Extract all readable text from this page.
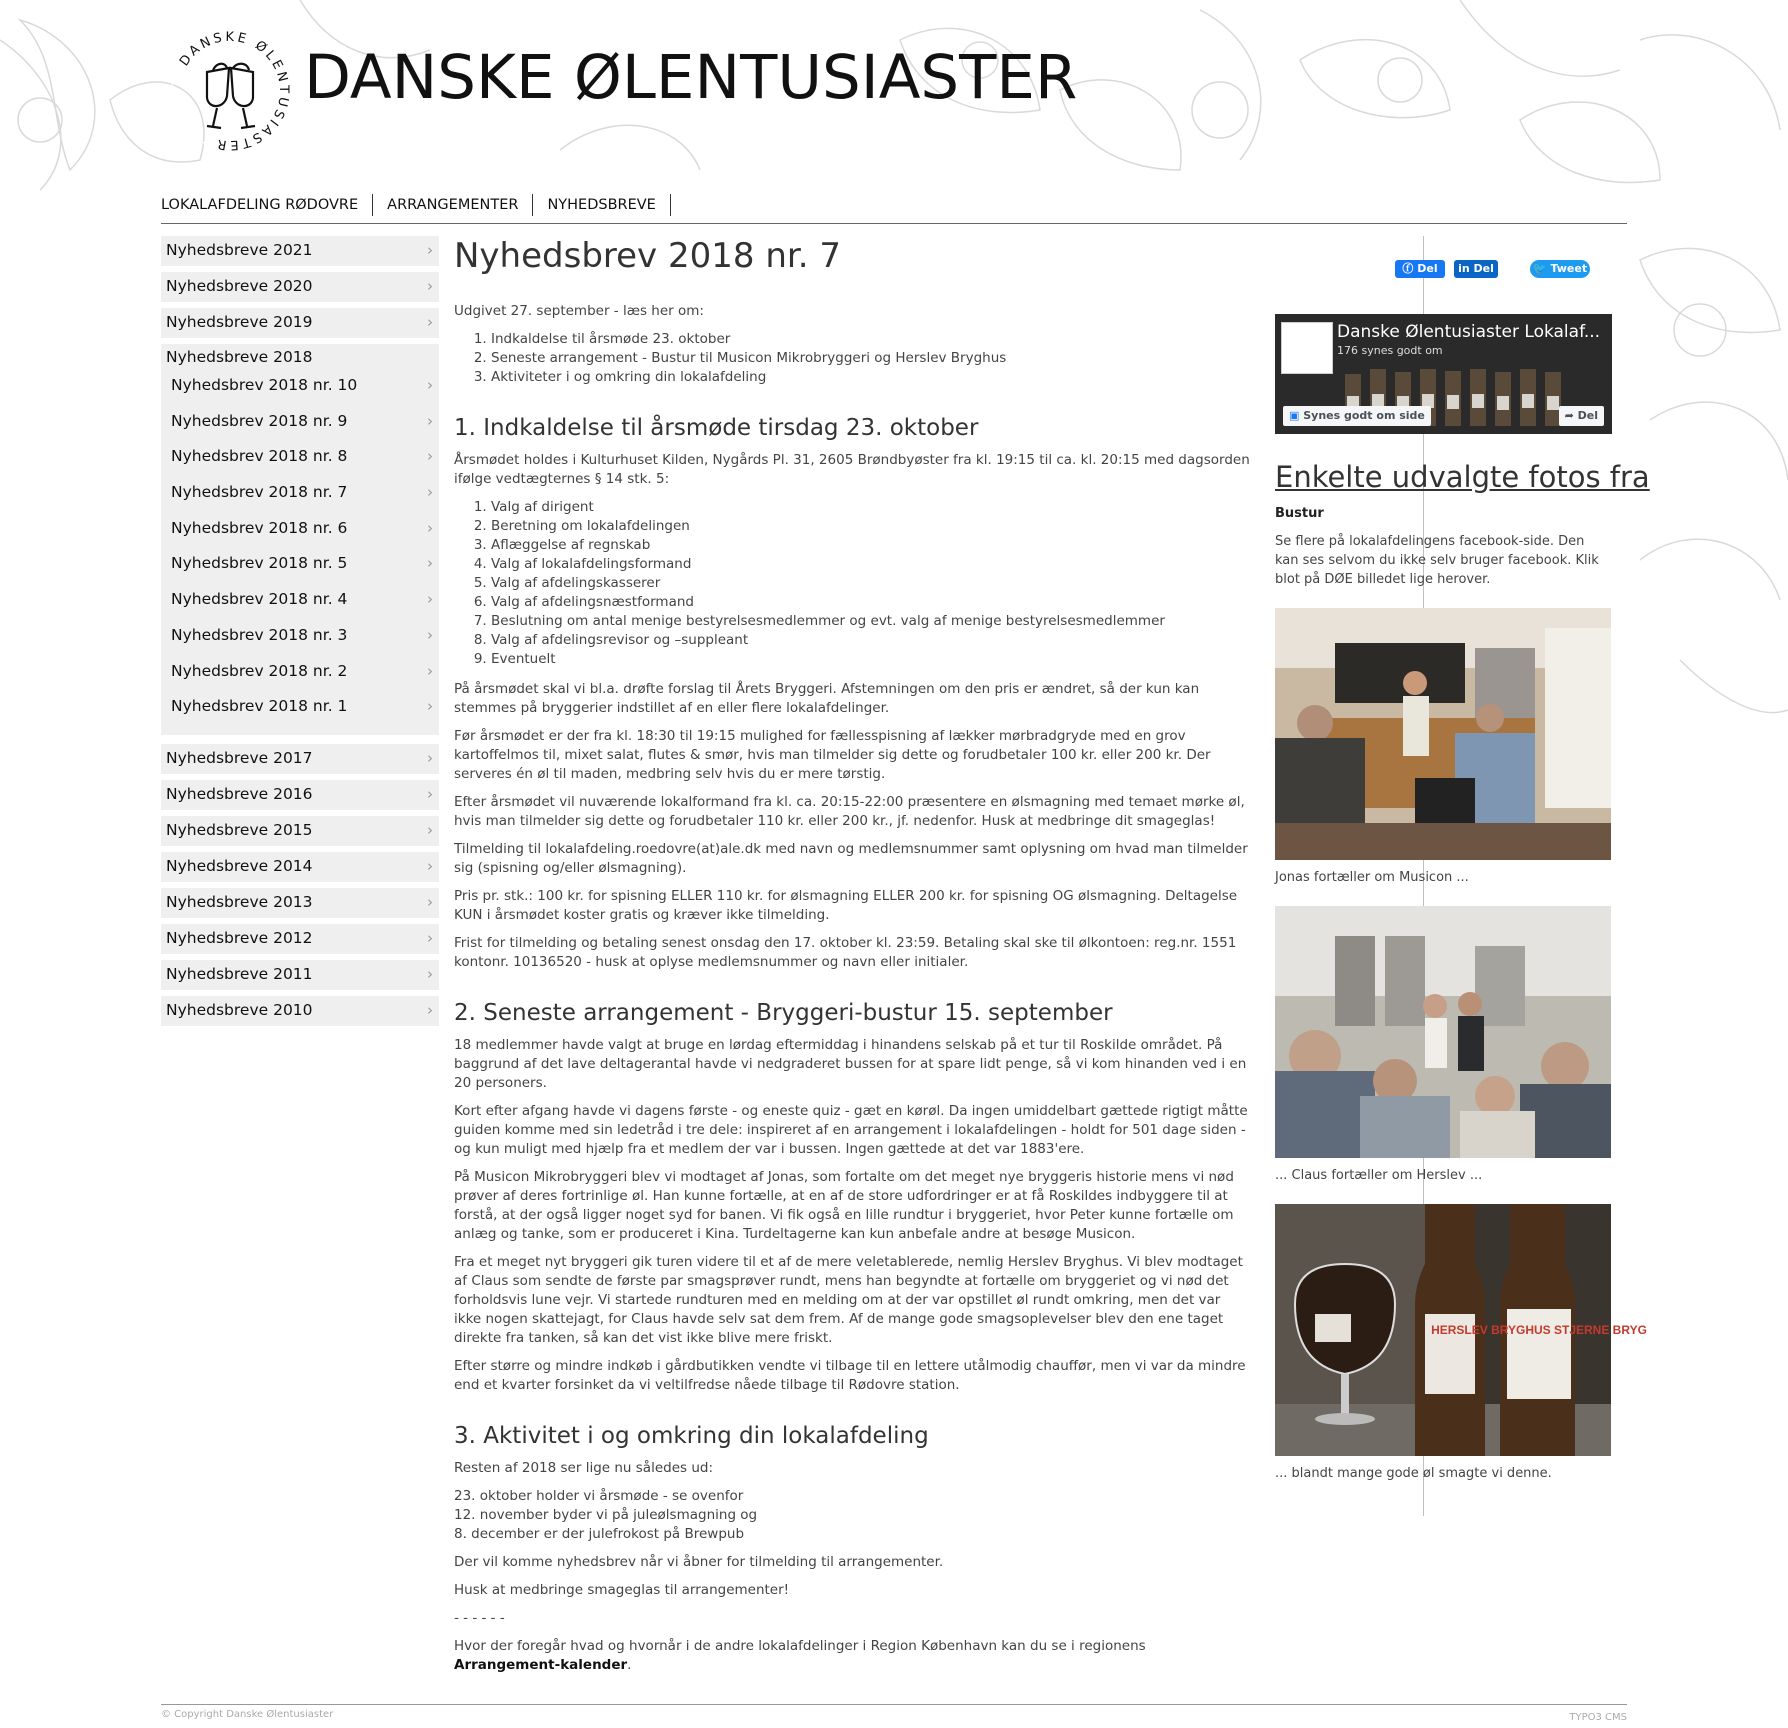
DANSKE ØLENTUSIASTER
DANSKE ØLENTUSIASTER
LOKALAFDELING RØDOVRE	ARRANGEMENTER	NYHEDSBREVE
Nyhedsbreve 2021	›
Nyhedsbreve 2020	›
Nyhedsbreve 2019	›
Nyhedsbreve 2018
Nyhedsbrev 2018 nr. 10	›
Nyhedsbrev 2018 nr. 9	›
Nyhedsbrev 2018 nr. 8	›
Nyhedsbrev 2018 nr. 7	›
Nyhedsbrev 2018 nr. 6	›
Nyhedsbrev 2018 nr. 5	›
Nyhedsbrev 2018 nr. 4	›
Nyhedsbrev 2018 nr. 3	›
Nyhedsbrev 2018 nr. 2	›
Nyhedsbrev 2018 nr. 1	›
Nyhedsbreve 2017	›
Nyhedsbreve 2016	›
Nyhedsbreve 2015	›
Nyhedsbreve 2014	›
Nyhedsbreve 2013	›
Nyhedsbreve 2012	›
Nyhedsbreve 2011	›
Nyhedsbreve 2010	›
Nyhedsbrev 2018 nr. 7

Udgivet 27. september - læs her om:

1. Indkaldelse til årsmøde 23. oktober
2. Seneste arrangement - Bustur til Musicon Mikrobryggeri og Herslev Bryghus
3. Aktiviteter i og omkring din lokalafdeling
1. Indkaldelse til årsmøde tirsdag 23. oktober

Årsmødet holdes i Kulturhuset Kilden, Nygårds Pl. 31, 2605 Brøndbyøster fra kl. 19:15 til ca. kl. 20:15 med dagsorden ifølge vedtægternes § 14 stk. 5:

1. Valg af dirigent
2. Beretning om lokalafdelingen
3. Aflæggelse af regnskab
4. Valg af lokalafdelingsformand
5. Valg af afdelingskasserer
6. Valg af afdelingsnæstformand
7. Beslutning om antal menige bestyrelsesmedlemmer og evt. valg af menige bestyrelsesmedlemmer
8. Valg af afdelingsrevisor og –suppleant
9. Eventuelt

På årsmødet skal vi bl.a. drøfte forslag til Årets Bryggeri. Afstemningen om den pris er ændret, så der kun kan stemmes på bryggerier indstillet af en eller flere lokalafdelinger.

Før årsmødet er der fra kl. 18:30 til 19:15 mulighed for fællesspisning af lækker mørbradgryde med en grov kartoffelmos til, mixet salat, flutes & smør, hvis man tilmelder sig dette og forudbetaler 100 kr. eller 200 kr. Der serveres én øl til maden, medbring selv hvis du er mere tørstig.

Efter årsmødet vil nuværende lokalformand fra kl. ca. 20:15-22:00 præsentere en ølsmagning med temaet mørke øl, hvis man tilmelder sig dette og forudbetaler 110 kr. eller 200 kr., jf. nedenfor. Husk at medbringe dit smageglas!

Tilmelding til lokalafdeling.roedovre(at)ale.dk med navn og medlemsnummer samt oplysning om hvad man tilmelder sig (spisning og/eller ølsmagning).

Pris pr. stk.: 100 kr. for spisning ELLER 110 kr. for ølsmagning ELLER 200 kr. for spisning OG ølsmagning. Deltagelse KUN i årsmødet koster gratis og kræver ikke tilmelding.

Frist for tilmelding og betaling senest onsdag den 17. oktober kl. 23:59. Betaling skal ske til ølkontoen: reg.nr. 1551 kontonr. 10136520 - husk at oplyse medlemsnummer og navn eller initialer.

2. Seneste arrangement - Bryggeri-bustur 15. september

18 medlemmer havde valgt at bruge en lørdag eftermiddag i hinandens selskab på et tur til Roskilde området. På baggrund af det lave deltagerantal havde vi nedgraderet bussen for at spare lidt penge, så vi kom hinanden ved i en 20 personers.

Kort efter afgang havde vi dagens første - og eneste quiz - gæt en kørøl. Da ingen umiddelbart gættede rigtigt måtte guiden komme med sin ledetråd i tre dele: inspireret af en arrangement i lokalafdelingen - holdt for 501 dage siden - og kun muligt med hjælp fra et medlem der var i bussen. Ingen gættede at det var 1883'ere.

På Musicon Mikrobryggeri blev vi modtaget af Jonas, som fortalte om det meget nye bryggeris historie mens vi nød prøver af deres fortrinlige øl. Han kunne fortælle, at en af de store udfordringer er at få Roskildes indbyggere til at forstå, at der også ligger noget syd for banen. Vi fik også en lille rundtur i bryggeriet, hvor Peter kunne fortælle om anlæg og tanke, som er produceret i Kina. Turdeltagerne kan kun anbefale andre at besøge Musicon.

Fra et meget nyt bryggeri gik turen videre til et af de mere veletablerede, nemlig Herslev Bryghus. Vi blev modtaget af Claus som sendte de første par smagsprøver rundt, mens han begyndte at fortælle om bryggeriet og vi nød det forholdsvis lune vejr. Vi startede rundturen med en melding om at der var opstillet øl rundt omkring, men det var ikke nogen skattejagt, for Claus havde selv sat dem frem. Af de mange gode smagsoplevelser blev den ene taget direkte fra tanken, så kan det vist ikke blive mere friskt.

Efter større og mindre indkøb i gårdbutikken vendte vi tilbage til en lettere utålmodig chauffør, men vi var da mindre end et kvarter forsinket da vi veltilfredse nåede tilbage til Rødovre station.

3. Aktivitet i og omkring din lokalafdeling

Resten af 2018 ser lige nu således ud:

23. oktober holder vi årsmøde - se ovenfor

12. november byder vi på juleølsmagning og

8. december er der julefrokost på Brewpub

Der vil komme nyhedsbrev når vi åbner for tilmelding til arrangementer.

Husk at medbringe smageglas til arrangementer!

- - - - - -

Hvor der foregår hvad og hvornår i de andre lokalafdelinger i Region København kan du se i regionens Arrangement-kalender.

ⓕ Del	in Del	🐦 Tweet
Danske Ølentusiaster Lokalaf...
176 synes godt om
▣ Synes godt om side	➦ Del
Enkelte udvalgte fotos fra
Bustur
Se flere på lokalafdelingens facebook-side. Den kan ses selvom du ikke selv bruger facebook. Klik blot på DØE billedet lige herover.
Jonas fortæller om Musicon ...
... Claus fortæller om Herslev ...
HERSLEV BRYGHUS STJERNE BRYG
... blandt mange gode øl smagte vi denne.
© Copyright Danske Ølentusiaster	TYPO3 CMS
